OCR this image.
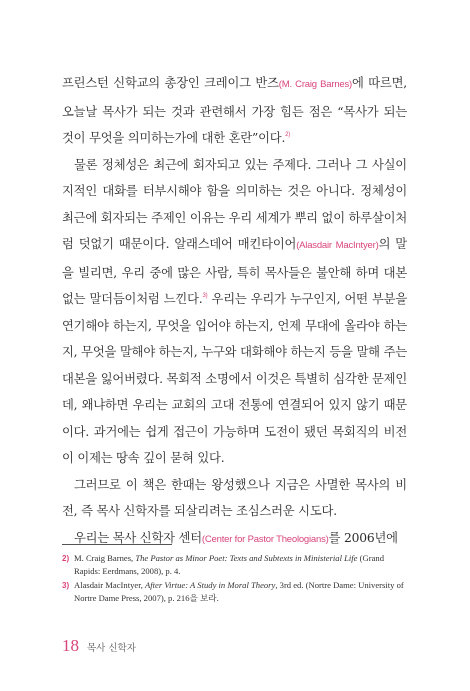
프린스턴 신학교의 총장인 크레이그 반즈(M. Craig Barnes)에 따르면, 오늘날 목사가 되는 것과 관련해서 가장 힘든 점은 “목사가 되는 것이 무엇을 의미하는가에 대한 혼란”이다.$^{2)}$

물론 정체성은 최근에 회자되고 있는 주제다. 그러나 그 사실이 지적인 대화를 터부시해야 함을 의미하는 것은 아니다. 정체성이 최근에 회자되는 주제인 이유는 우리 세계가 뿌리 없이 하루살이처럼 덧없기 때문이다. 알래스데어 매킨타이어(Alasdair MacIntyer)의 말을 빌리면, 우리 중에 많은 사람, 특히 목사들은 불안해 하며 대본 없는 말더듬이처럼 느낀다.$^{3)}$ 우리는 우리가 누구인지, 어떤 부분을 연기해야 하는지, 무엇을 입어야 하는지, 언제 무대에 올라야 하는지, 무엇을 말해야 하는지, 누구와 대화해야 하는지 등을 말해 주는 대본을 잃어버렸다. 목회적 소명에서 이것은 특별히 심각한 문제인데, 왜냐하면 우리는 교회의 고대 전통에 연결되어 있지 않기 때문이다. 과거에는 쉽게 접근이 가능하며 도전이 됐던 목회직의 비전이 이제는 땅속 깊이 묻혀 있다.

그러므로 이 책은 한때는 왕성했으나 지금은 사멸한 목사의 비전, 즉 목사 신학자를 되살리려는 조심스러운 시도다.

우리는 목사 신학자 센터(Center for Pastor Theologians)를 2006년에

2) M. Craig Barnes, The Pastor as Minor Poet: Texts and Subtexts in Ministerial Life (Grand Rapids: Eerdmans, 2008), p. 4.

3) Alasdair MacIntyer, After Virtue: A Study in Moral Theory, 3rd ed. (Nortre Dame: University of Nortre Dame Press, 2007), p. 216을 보라.

18 목사 신학자
